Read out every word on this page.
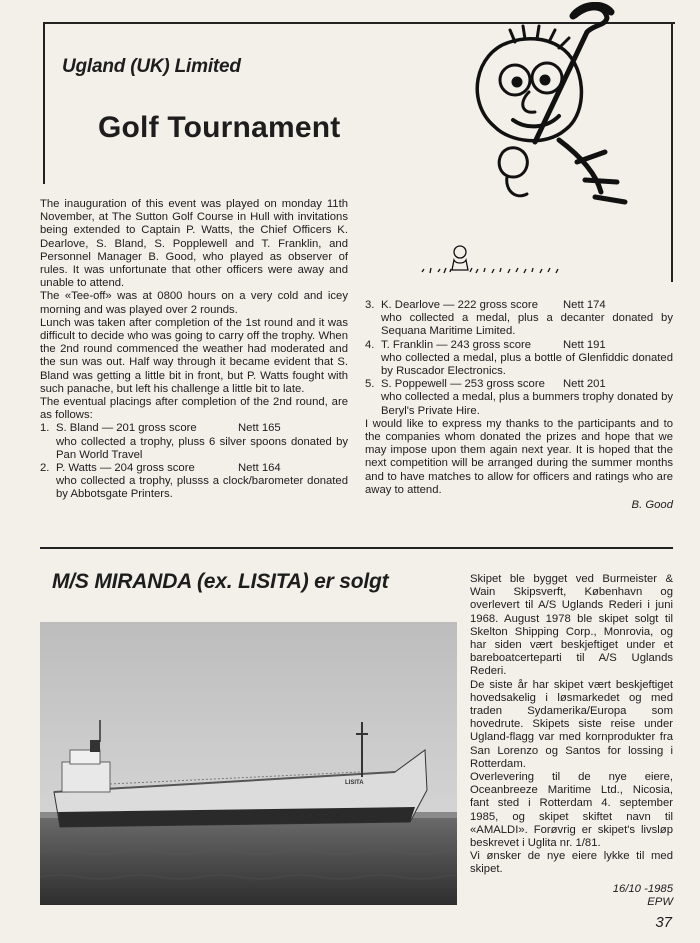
Ugland (UK) Limited
Golf Tournament

The inauguration of this event was played on monday 11th November, at The Sutton Golf Course in Hull with invitations being extended to Captain P. Watts, the Chief Officers K. Dearlove, S. Bland, S. Popplewell and T. Franklin, and Personnel Manager B. Good, who played as observer of rules. It was unfortunate that other officers were away and unable to attend.

The «Tee-off» was at 0800 hours on a very cold and icey morning and was played over 2 rounds.

Lunch was taken after completion of the 1st round and it was difficult to decide who was going to carry off the trophy. When the 2nd round commenced the weather had moderated and the sun was out. Half way through it became evident that S. Bland was getting a little bit in front, but P. Watts fought with such panache, but left his challenge a little bit to late.

The eventual placings after completion of the 2nd round, are as follows:

1. S. Bland — 201 gross score	Nett 165
who collected a trophy, pluss 6 silver spoons donated by Pan World Travel
2. P. Watts — 204 gross score	Nett 164
who collected a trophy, plusss a clock/barometer donated by Abbotsgate Printers.
3. K. Dearlove — 222 gross score	Nett 174
who collected a medal, plus a decanter donated by Sequana Maritime Limited.
4. T. Franklin — 243 gross score	Nett 191
who collected a medal, plus a bottle of Glenfiddic donated by Ruscador Electronics.
5. S. Poppewell — 253 gross score	Nett 201
who collected a medal, plus a bummers trophy donated by Beryl's Private Hire.

I would like to express my thanks to the participants and to the companies whom donated the prizes and hope that we may impose upon them again next year. It is hoped that the next competition will be arranged during the summer months and to have matches to allow for officers and ratings who are away to attend.

B. Good

M/S MIRANDA (ex. LISITA) er solgt
LISITA

Skipet ble bygget ved Burmeister & Wain Skipsverft, København og overlevert til A/S Uglands Rederi i juni 1968. August 1978 ble skipet solgt til Skelton Shipping Corp., Monrovia, og har siden vært beskjeftiget under et bareboatcerteparti til A/S Uglands Rederi.

De siste år har skipet vært beskjeftiget hovedsakelig i løsmarkedet og med traden Sydamerika/Europa som hovedrute. Skipets siste reise under Ugland-flagg var med kornprodukter fra San Lorenzo og Santos for lossing i Rotterdam.

Overlevering til de nye eiere, Oceanbreeze Maritime Ltd., Nicosia, fant sted i Rotterdam 4. september 1985, og skipet skiftet navn til «AMALDI». Forøvrig er skipet's livsløp beskrevet i Uglita nr. 1/81.

Vi ønsker de nye eiere lykke til med skipet.

16/10 -1985

EPW

37
